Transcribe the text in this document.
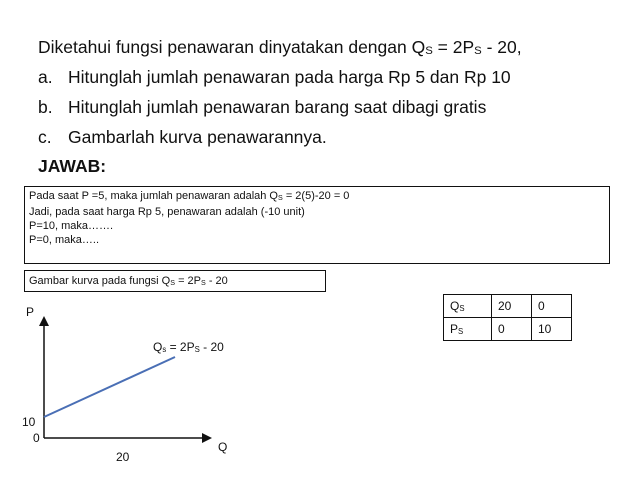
Diketahui fungsi penawaran dinyatakan dengan $Q_S = 2P_S - 20$,
a. Hitunglah jumlah penawaran pada harga Rp 5 dan Rp 10
b. Hitunglah jumlah penawaran barang saat dibagi gratis
c. Gambarlah kurva penawarannya.
JAWAB:
Pada saat P =5, maka jumlah penawaran adalah $Q_S = 2(5)-20 = 0$
Jadi, pada saat harga Rp 5, penawaran adalah (-10 unit)
P=10, maka…….
P=0, maka…..
Gambar kurva pada fungsi $Q_S = 2P_S - 20$
$Q_S$	20	0
$P_S$	0	10
P
Q
10
0
20
$Q_s = 2P_S - 20$
